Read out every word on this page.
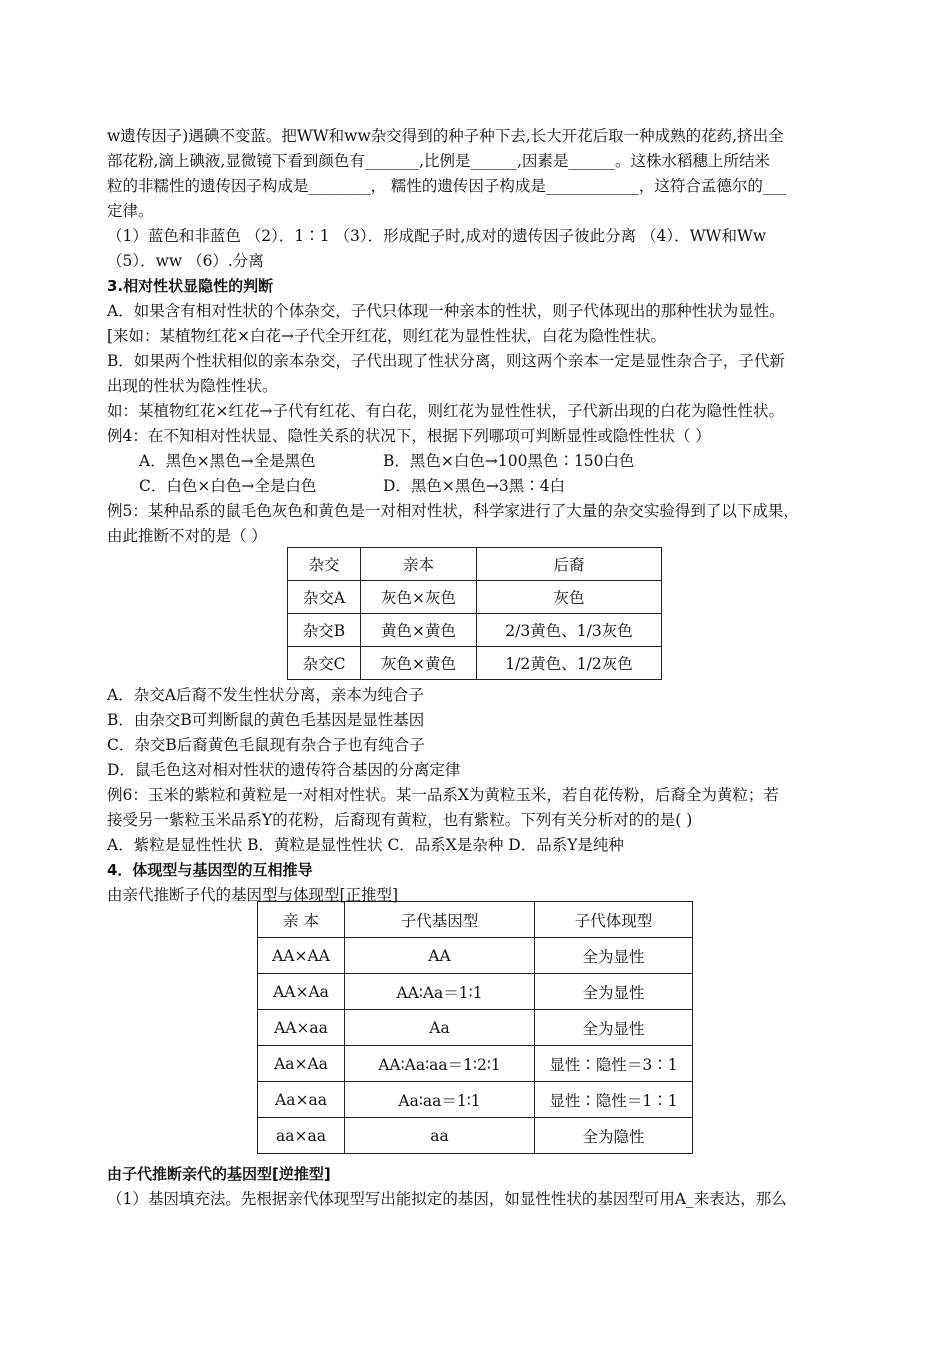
w遗传因子)遇碘不变蓝。把WW和ww杂交得到的种子种下去,长大开花后取一种成熟的花药,挤出全
部花粉,滴上碘液,显微镜下看到颜色有_______,比例是______,因素是______。这株水稻穗上所结米
粒的非糯性的遗传因子构成是________， 糯性的遗传因子构成是____________，这符合孟德尔的___
定律。
（1）蓝色和非蓝色 （2）．1∶1 （3）．形成配子时,成对的遗传因子彼此分离 （4）．WW和Ww
（5）．ww （6）.分离
3.相对性状显隐性的判断
A．如果含有相对性状的个体杂交，子代只体现一种亲本的性状，则子代体现出的那种性状为显性。
[来如：某植物红花×白花→子代全开红花，则红花为显性性状，白花为隐性性状。
B．如果两个性状相似的亲本杂交，子代出现了性状分离，则这两个亲本一定是显性杂合子，子代新
出现的性状为隐性性状。
如：某植物红花×红花→子代有红花、有白花，则红花为显性性状，子代新出现的白花为隐性性状。
例4：在不知相对性状显、隐性关系的状况下，根据下列哪项可判断显性或隐性性状（ ）
A．黑色×黑色→全是黑色	B．黑色×白色→100黑色∶150白色
C．白色×白色→全是白色	D．黑色×黑色→3黑∶4白
例5：某种品系的鼠毛色灰色和黄色是一对相对性状，科学家进行了大量的杂交实验得到了以下成果，
由此推断不对的是（ ）
杂交	亲本	后裔
杂交A	灰色×灰色	灰色
杂交B	黄色×黄色	2/3黄色、1/3灰色
杂交C	灰色×黄色	1/2黄色、1/2灰色
A．杂交A后裔不发生性状分离，亲本为纯合子
B．由杂交B可判断鼠的黄色毛基因是显性基因
C．杂交B后裔黄色毛鼠现有杂合子也有纯合子
D．鼠毛色这对相对性状的遗传符合基因的分离定律
例6：玉米的紫粒和黄粒是一对相对性状。某一品系X为黄粒玉米，若自花传粉，后裔全为黄粒；若
接受另一紫粒玉米品系Y的花粉，后裔现有黄粒，也有紫粒。下列有关分析对的的是( )
A．紫粒是显性性状 B．黄粒是显性性状 C．品系X是杂种 D．品系Y是纯种
4．体现型与基因型的互相推导
由亲代推断子代的基因型与体现型[正推型]
亲 本	子代基因型	子代体现型
AA×AA	AA	全为显性
AA×Aa	AA∶Aa＝1∶1	全为显性
AA×aa	Aa	全为显性
Aa×Aa	AA∶Aa∶aa＝1∶2∶1	显性∶隐性＝3∶1
Aa×aa	Aa∶aa＝1∶1	显性∶隐性＝1∶1
aa×aa	aa	全为隐性
由子代推断亲代的基因型[逆推型]
（1）基因填充法。先根据亲代体现型写出能拟定的基因，如显性性状的基因型可用A_来表达，那么
